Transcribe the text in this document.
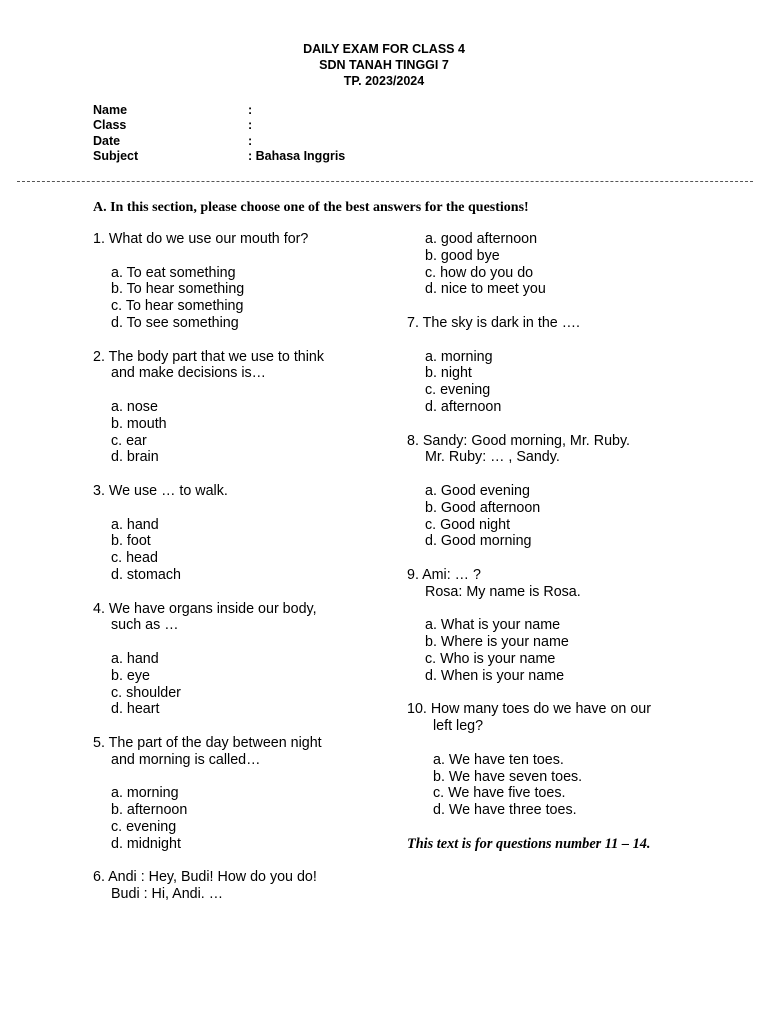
DAILY EXAM FOR CLASS 4
SDN TANAH TINGGI 7
TP. 2023/2024
Name	:
Class	:
Date	:
Subject	: Bahasa Inggris
A. In this section, please choose one of the best answers for the questions!
1. What do we use our mouth for?
a. To eat something
b. To hear something
c. To hear something
d. To see something
2. The body part that we use to think
and make decisions is…
a. nose
b. mouth
c. ear
d. brain
3. We use … to walk.
a. hand
b. foot
c. head
d. stomach
4. We have organs inside our body,
such as …
a. hand
b. eye
c. shoulder
d. heart
5. The part of the day between night
and morning is called…
a. morning
b. afternoon
c. evening
d. midnight
6. Andi : Hey, Budi! How do you do!
Budi : Hi, Andi. …
a. good afternoon
b. good bye
c. how do you do
d. nice to meet you
7. The sky is dark in the ….
a. morning
b. night
c. evening
d. afternoon
8. Sandy: Good morning, Mr. Ruby.
Mr. Ruby: … , Sandy.
a. Good evening
b. Good afternoon
c. Good night
d. Good morning
9. Ami: … ?
Rosa: My name is Rosa.
a. What is your name
b. Where is your name
c. Who is your name
d. When is your name
10. How many toes do we have on our
left leg?
a. We have ten toes.
b. We have seven toes.
c. We have five toes.
d. We have three toes.
This text is for questions number 11 – 14.
